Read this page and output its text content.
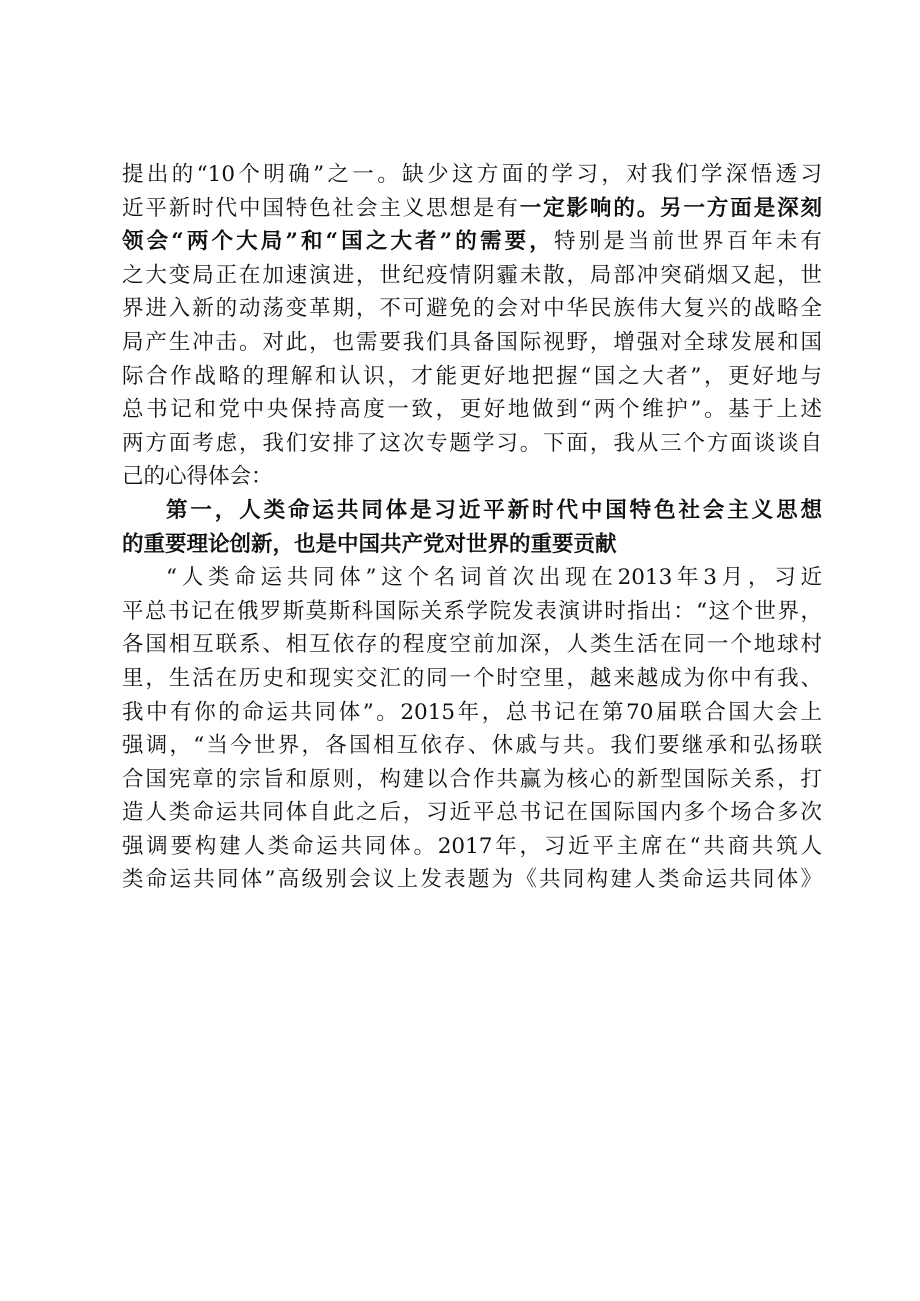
提出的“10个明确”之一。缺少这方面的学习，对我们学深悟透习
近平新时代中国特色社会主义思想是有一定影响的。另一方面是深刻
领会“两个大局”和“国之大者”的需要，特别是当前世界百年未有
之大变局正在加速演进，世纪疫情阴霾未散，局部冲突硝烟又起，世
界进入新的动荡变革期，不可避免的会对中华民族伟大复兴的战略全
局产生冲击。对此，也需要我们具备国际视野，增强对全球发展和国
际合作战略的理解和认识，才能更好地把握“国之大者”，更好地与
总书记和党中央保持高度一致，更好地做到“两个维护”。基于上述
两方面考虑，我们安排了这次专题学习。下面，我从三个方面谈谈自
己的心得体会：
第一，人类命运共同体是习近平新时代中国特色社会主义思想
的重要理论创新，也是中国共产党对世界的重要贡献
“人类命运共同体”这个名词首次出现在2013年3月，习近
平总书记在俄罗斯莫斯科国际关系学院发表演讲时指出：“这个世界，
各国相互联系、相互依存的程度空前加深，人类生活在同一个地球村
里，生活在历史和现实交汇的同一个时空里，越来越成为你中有我、
我中有你的命运共同体”。2015年，总书记在第70届联合国大会上
强调，“当今世界，各国相互依存、休戚与共。我们要继承和弘扬联
合国宪章的宗旨和原则，构建以合作共赢为核心的新型国际关系，打
造人类命运共同体自此之后，习近平总书记在国际国内多个场合多次
强调要构建人类命运共同体。2017年，习近平主席在“共商共筑人
类命运共同体”高级别会议上发表题为《共同构建人类命运共同体》
